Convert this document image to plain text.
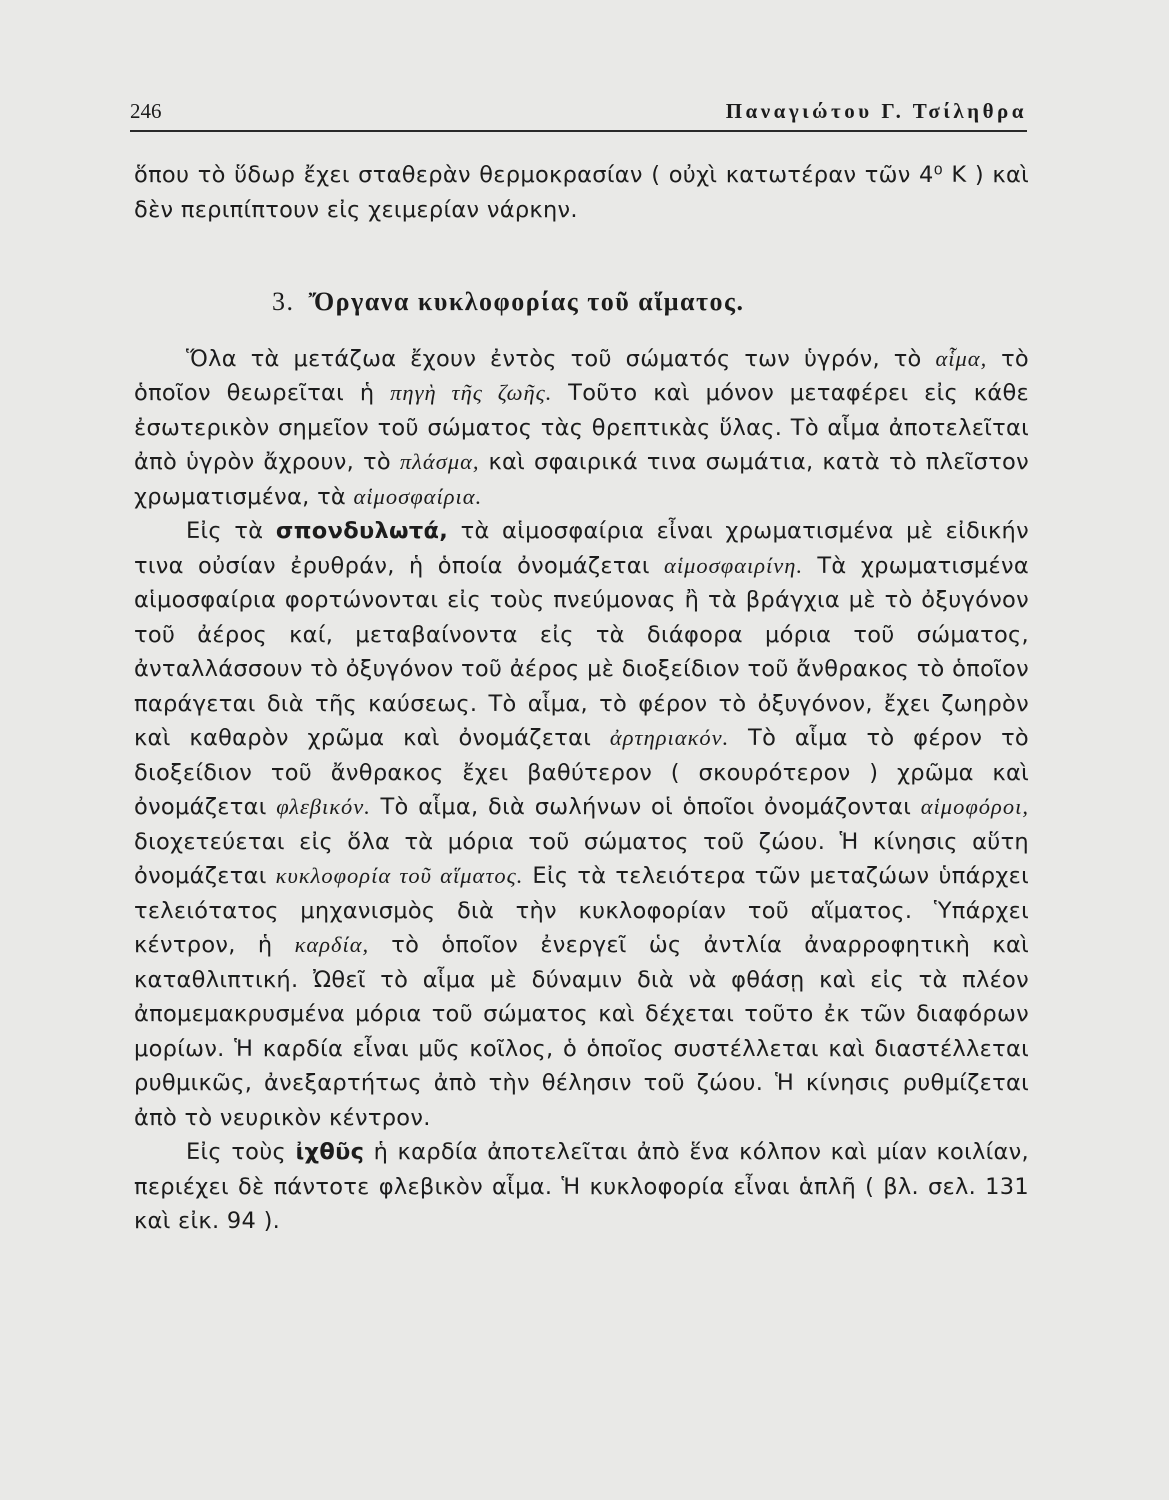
246	Παναγιώτου Γ. Τσίληθρα

ὅπου τὸ ὕδωρ ἔχει σταθερὰν θερμοκρασίαν ( οὐχὶ κατωτέραν τῶν 4⁰ Κ ) καὶ δὲν περιπίπτουν εἰς χειμερίαν νάρκην.

3. Ὄργανα κυκλοφορίας τοῦ αἵματος.

Ὅλα τὰ μετάζωα ἔχουν ἐντὸς τοῦ σώματός των ὑγρόν, τὸ αἷμα, τὸ ὁποῖον θεωρεῖται ἡ πηγὴ τῆς ζωῆς. Τοῦτο καὶ μόνον μεταφέρει εἰς κάθε ἐσωτερικὸν σημεῖον τοῦ σώματος τὰς θρεπτικὰς ὕλας. Τὸ αἷμα ἀποτελεῖται ἀπὸ ὑγρὸν ἄχρουν, τὸ πλάσμα, καὶ σφαιρικά τινα σωμάτια, κατὰ τὸ πλεῖστον χρωματισμένα, τὰ αἱμοσφαίρια.

Εἰς τὰ σπονδυλωτά, τὰ αἱμοσφαίρια εἶναι χρωματισμένα μὲ εἰδικήν τινα οὐσίαν ἐρυθράν, ἡ ὁποία ὀνομάζεται αἱμοσφαιρίνη. Τὰ χρωματισμένα αἱμοσφαίρια φορτώνονται εἰς τοὺς πνεύμονας ἢ τὰ βράγχια μὲ τὸ ὀξυγόνον τοῦ ἀέρος καί, μεταβαίνοντα εἰς τὰ διάφορα μόρια τοῦ σώματος, ἀνταλλάσσουν τὸ ὀξυγόνον τοῦ ἀέρος μὲ διοξείδιον τοῦ ἄνθρακος τὸ ὁποῖον παράγεται διὰ τῆς καύσεως. Τὸ αἷμα, τὸ φέρον τὸ ὀξυγόνον, ἔχει ζωηρὸν καὶ καθαρὸν χρῶμα καὶ ὀνομάζεται ἀρτηριακόν. Τὸ αἷμα τὸ φέρον τὸ διοξείδιον τοῦ ἄνθρακος ἔχει βαθύτερον ( σκουρότερον ) χρῶμα καὶ ὀνομάζεται φλεβικόν. Τὸ αἷμα, διὰ σωλήνων οἱ ὁποῖοι ὀνομάζονται αἱμοφόροι, διοχετεύεται εἰς ὅλα τὰ μόρια τοῦ σώματος τοῦ ζώου. Ἡ κίνησις αὕτη ὀνομάζεται κυκλοφορία τοῦ αἵματος. Εἰς τὰ τελειότερα τῶν μεταζώων ὑπάρχει τελειότατος μηχανισμὸς διὰ τὴν κυκλοφορίαν τοῦ αἵματος. Ὑπάρχει κέντρον, ἡ καρδία, τὸ ὁποῖον ἐνεργεῖ ὡς ἀντλία ἀναρροφητικὴ καὶ καταθλιπτική. Ὠθεῖ τὸ αἷμα μὲ δύναμιν διὰ νὰ φθάσῃ καὶ εἰς τὰ πλέον ἀπομεμακρυσμένα μόρια τοῦ σώματος καὶ δέχεται τοῦτο ἐκ τῶν διαφόρων μορίων. Ἡ καρδία εἶναι μῦς κοῖλος, ὁ ὁποῖος συστέλλεται καὶ διαστέλλεται ρυθμικῶς, ἀνεξαρτήτως ἀπὸ τὴν θέλησιν τοῦ ζώου. Ἡ κίνησις ρυθμίζεται ἀπὸ τὸ νευρικὸν κέντρον.

Εἰς τοὺς ἰχθῦς ἡ καρδία ἀποτελεῖται ἀπὸ ἕνα κόλπον καὶ μίαν κοιλίαν, περιέχει δὲ πάντοτε φλεβικὸν αἷμα. Ἡ κυκλοφορία εἶναι ἁπλῆ ( βλ. σελ. 131 καὶ εἰκ. 94 ).
